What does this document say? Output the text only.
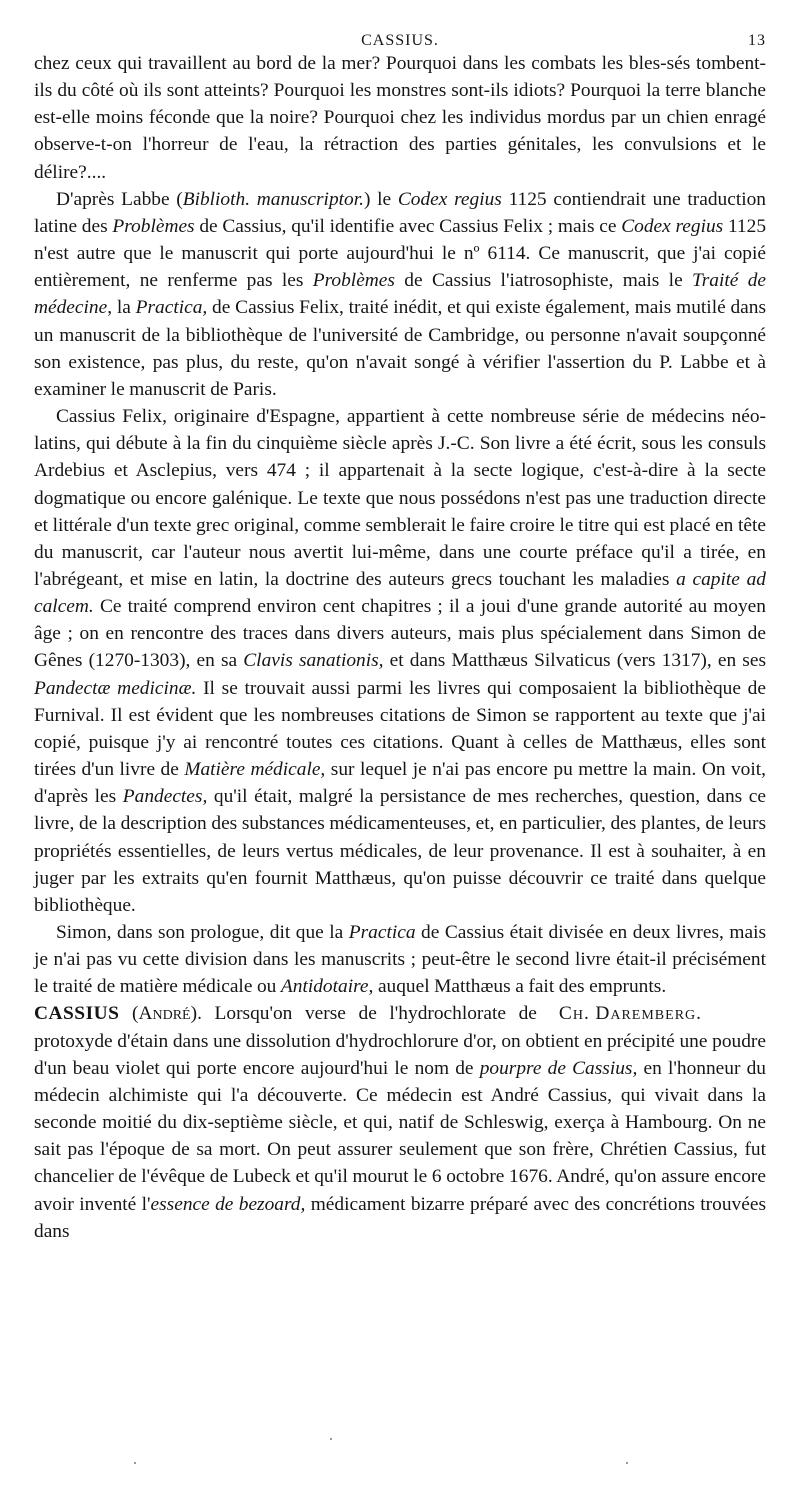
CASSIUS.	13

chez ceux qui travaillent au bord de la mer? Pourquoi dans les combats les bles-sés tombent-ils du côté où ils sont atteints? Pourquoi les monstres sont-ils idiots? Pourquoi la terre blanche est-elle moins féconde que la noire? Pourquoi chez les individus mordus par un chien enragé observe-t-on l'horreur de l'eau, la rétraction des parties génitales, les convulsions et le délire?....

D'après Labbe (Biblioth. manuscriptor.) le Codex regius 1125 contiendrait une traduction latine des Problèmes de Cassius, qu'il identifie avec Cassius Felix ; mais ce Codex regius 1125 n'est autre que le manuscrit qui porte aujourd'hui le nº 6114. Ce manuscrit, que j'ai copié entièrement, ne renferme pas les Problèmes de Cassius l'iatrosophiste, mais le Traité de médecine, la Practica, de Cassius Felix, traité inédit, et qui existe également, mais mutilé dans un manuscrit de la bibliothèque de l'université de Cambridge, ou personne n'avait soupçonné son existence, pas plus, du reste, qu'on n'avait songé à vérifier l'assertion du P. Labbe et à examiner le manuscrit de Paris.

Cassius Felix, originaire d'Espagne, appartient à cette nombreuse série de médecins néo-latins, qui débute à la fin du cinquième siècle après J.-C. Son livre a été écrit, sous les consuls Ardebius et Asclepius, vers 474 ; il appartenait à la secte logique, c'est-à-dire à la secte dogmatique ou encore galénique. Le texte que nous possédons n'est pas une traduction directe et littérale d'un texte grec original, comme semblerait le faire croire le titre qui est placé en tête du manuscrit, car l'auteur nous avertit lui-même, dans une courte préface qu'il a tirée, en l'abrégeant, et mise en latin, la doctrine des auteurs grecs touchant les maladies a capite ad calcem. Ce traité comprend environ cent chapitres ; il a joui d'une grande autorité au moyen âge ; on en rencontre des traces dans divers auteurs, mais plus spécialement dans Simon de Gênes (1270-1303), en sa Clavis sanationis, et dans Matthæus Silvaticus (vers 1317), en ses Pandectæ medicinæ. Il se trouvait aussi parmi les livres qui composaient la bibliothèque de Furnival. Il est évident que les nombreuses citations de Simon se rapportent au texte que j'ai copié, puisque j'y ai rencontré toutes ces citations. Quant à celles de Matthæus, elles sont tirées d'un livre de Matière médicale, sur lequel je n'ai pas encore pu mettre la main. On voit, d'après les Pandectes, qu'il était, malgré la persistance de mes recherches, question, dans ce livre, de la description des substances médicamenteuses, et, en particulier, des plantes, de leurs propriétés essentielles, de leurs vertus médicales, de leur provenance. Il est à souhaiter, à en juger par les extraits qu'en fournit Matthæus, qu'on puisse découvrir ce traité dans quelque bibliothèque.

Simon, dans son prologue, dit que la Practica de Cassius était divisée en deux livres, mais je n'ai pas vu cette division dans les manuscrits ; peut-être le second livre était-il précisément le traité de matière médicale ou Antidotaire, auquel Matthæus a fait des emprunts.
Ch. Daremberg.

CASSIUS (André). Lorsqu'on verse de l'hydrochlorate de protoxyde d'étain dans une dissolution d'hydrochlorure d'or, on obtient en précipité une poudre d'un beau violet qui porte encore aujourd'hui le nom de pourpre de Cassius, en l'honneur du médecin alchimiste qui l'a découverte. Ce médecin est André Cassius, qui vivait dans la seconde moitié du dix-septième siècle, et qui, natif de Schleswig, exerça à Hambourg. On ne sait pas l'époque de sa mort. On peut assurer seulement que son frère, Chrétien Cassius, fut chancelier de l'évêque de Lubeck et qu'il mourut le 6 octobre 1676. André, qu'on assure encore avoir inventé l'essence de bezoard, médicament bizarre préparé avec des concrétions trouvées dans
